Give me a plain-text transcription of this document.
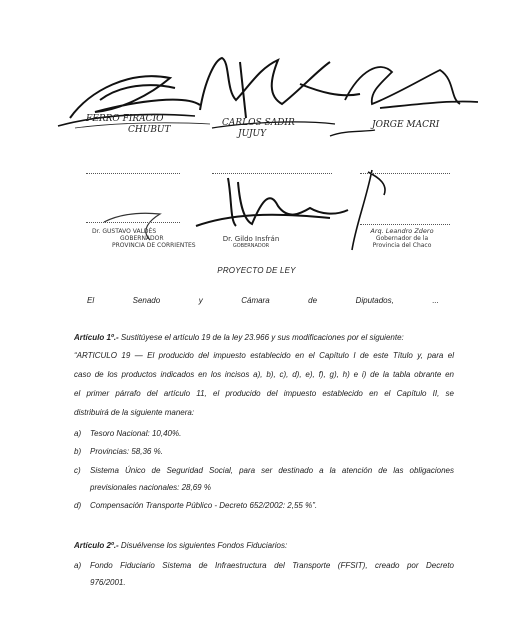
FERRO FIRACIO
CHUBUT
CARLOS SADIR
JUJUY
JORGE MACRI
Dr. GUSTAVO VALDÉS
GOBERNADOR
PROVINCIA DE CORRIENTES
Dr. Gildo Insfrán
GOBERNADOR
Arq. Leandro Zdero
Gobernador de la
Provincia del Chaco
PROYECTO DE LEY
El	Senado	y	Cámara	de	Diputados,	...
Artículo 1º.- Sustitúyese el artículo 19 de la ley 23.966 y sus modificaciones por el siguiente:
“ARTICULO 19 — El producido del impuesto establecido en el Capítulo I de este Título y, para el
caso de los productos indicados en los incisos a), b), c), d), e), f), g), h) e i) de la tabla obrante en
el primer párrafo del artículo 11, el producido del impuesto establecido en el Capítulo II, se
distribuirá de la siguiente manera:
a) Tesoro Nacional: 10,40%.
b) Provincias: 58,36 %.
c) Sistema Único de Seguridad Social, para ser destinado a la atención de las obligaciones
previsionales nacionales: 28,69 %
d) Compensación Transporte Público - Decreto 652/2002: 2,55 %”.
Artículo 2º.- Disuélvense los siguientes Fondos Fiduciarios:
a) Fondo Fiduciario Sistema de Infraestructura del Transporte (FFSIT), creado por Decreto
976/2001.
